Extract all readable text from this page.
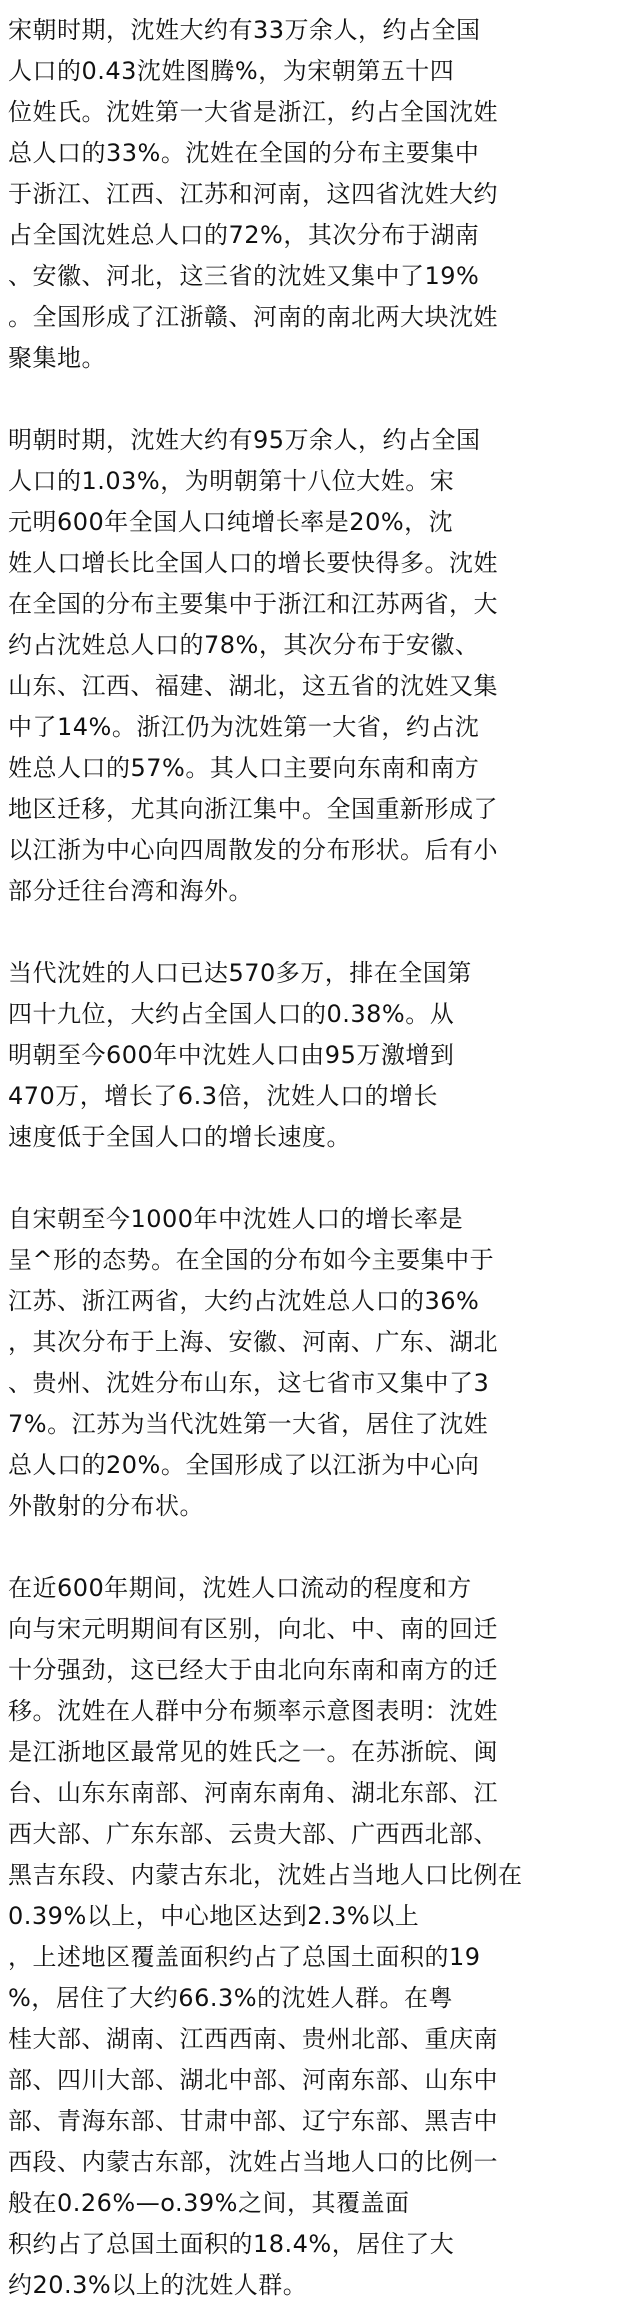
宋朝时期，沈姓大约有33万余人，约占全国
人口的0.43沈姓图腾%，为宋朝第五十四
位姓氏。沈姓第一大省是浙江，约占全国沈姓
总人口的33%。沈姓在全国的分布主要集中
于浙江、江西、江苏和河南，这四省沈姓大约
占全国沈姓总人口的72%，其次分布于湖南
、安徽、河北，这三省的沈姓又集中了19%
。全国形成了江浙赣、河南的南北两大块沈姓
聚集地。
明朝时期，沈姓大约有95万余人，约占全国
人口的1.03%，为明朝第十八位大姓。宋
元明600年全国人口纯增长率是20%，沈
姓人口增长比全国人口的增长要快得多。沈姓
在全国的分布主要集中于浙江和江苏两省，大
约占沈姓总人口的78%，其次分布于安徽、
山东、江西、福建、湖北，这五省的沈姓又集
中了14%。浙江仍为沈姓第一大省，约占沈
姓总人口的57%。其人口主要向东南和南方
地区迁移，尤其向浙江集中。全国重新形成了
以江浙为中心向四周散发的分布形状。后有小
部分迁往台湾和海外。
当代沈姓的人口已达570多万，排在全国第
四十九位，大约占全国人口的0.38%。从
明朝至今600年中沈姓人口由95万激增到
470万，增长了6.3倍，沈姓人口的增长
速度低于全国人口的增长速度。
自宋朝至今1000年中沈姓人口的增长率是
呈^形的态势。在全国的分布如今主要集中于
江苏、浙江两省，大约占沈姓总人口的36%
，其次分布于上海、安徽、河南、广东、湖北
、贵州、沈姓分布山东，这七省市又集中了3
7%。江苏为当代沈姓第一大省，居住了沈姓
总人口的20%。全国形成了以江浙为中心向
外散射的分布状。
在近600年期间，沈姓人口流动的程度和方
向与宋元明期间有区别，向北、中、南的回迁
十分强劲，这已经大于由北向东南和南方的迁
移。沈姓在人群中分布频率示意图表明：沈姓
是江浙地区最常见的姓氏之一。在苏浙皖、闽
台、山东东南部、河南东南角、湖北东部、江
西大部、广东东部、云贵大部、广西西北部、
黑吉东段、内蒙古东北，沈姓占当地人口比例在
0.39%以上，中心地区达到2.3%以上
，上述地区覆盖面积约占了总国土面积的19
%，居住了大约66.3%的沈姓人群。在粤
桂大部、湖南、江西西南、贵州北部、重庆南
部、四川大部、湖北中部、河南东部、山东中
部、青海东部、甘肃中部、辽宁东部、黑吉中
西段、内蒙古东部，沈姓占当地人口的比例一
般在0.26%—o.39%之间，其覆盖面
积约占了总国土面积的18.4%，居住了大
约20.3%以上的沈姓人群。
